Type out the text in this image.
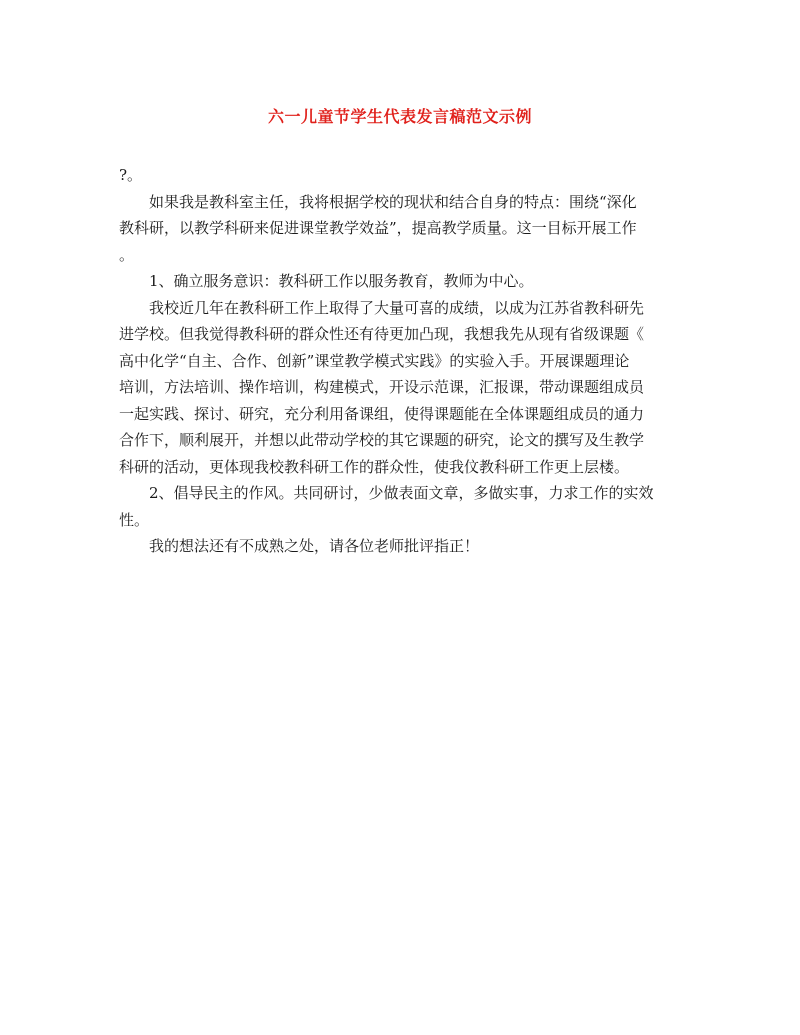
六一儿童节学生代表发言稿范文示例
?。
如果我是教科室主任，我将根据学校的现状和结合自身的特点：围绕“深化
教科研，以教学科研来促进课堂教学效益”，提高教学质量。这一目标开展工作
。
1、确立服务意识：教科研工作以服务教育，教师为中心。
我校近几年在教科研工作上取得了大量可喜的成绩，以成为江苏省教科研先
进学校。但我觉得教科研的群众性还有待更加凸现，我想我先从现有省级课题《
高中化学“自主、合作、创新”课堂教学模式实践》的实验入手。开展课题理论
培训，方法培训、操作培训，构建模式，开设示范课，汇报课，带动课题组成员
一起实践、探讨、研究，充分利用备课组，使得课题能在全体课题组成员的通力
合作下，顺利展开，并想以此带动学校的其它课题的研究，论文的撰写及生教学
科研的活动，更体现我校教科研工作的群众性，使我伩教科研工作更上层楼。
2、倡导民主的作风。共同研讨，少做表面文章，多做实事，力求工作的实效
性。
我的想法还有不成熟之处，请各位老师批评指正！
